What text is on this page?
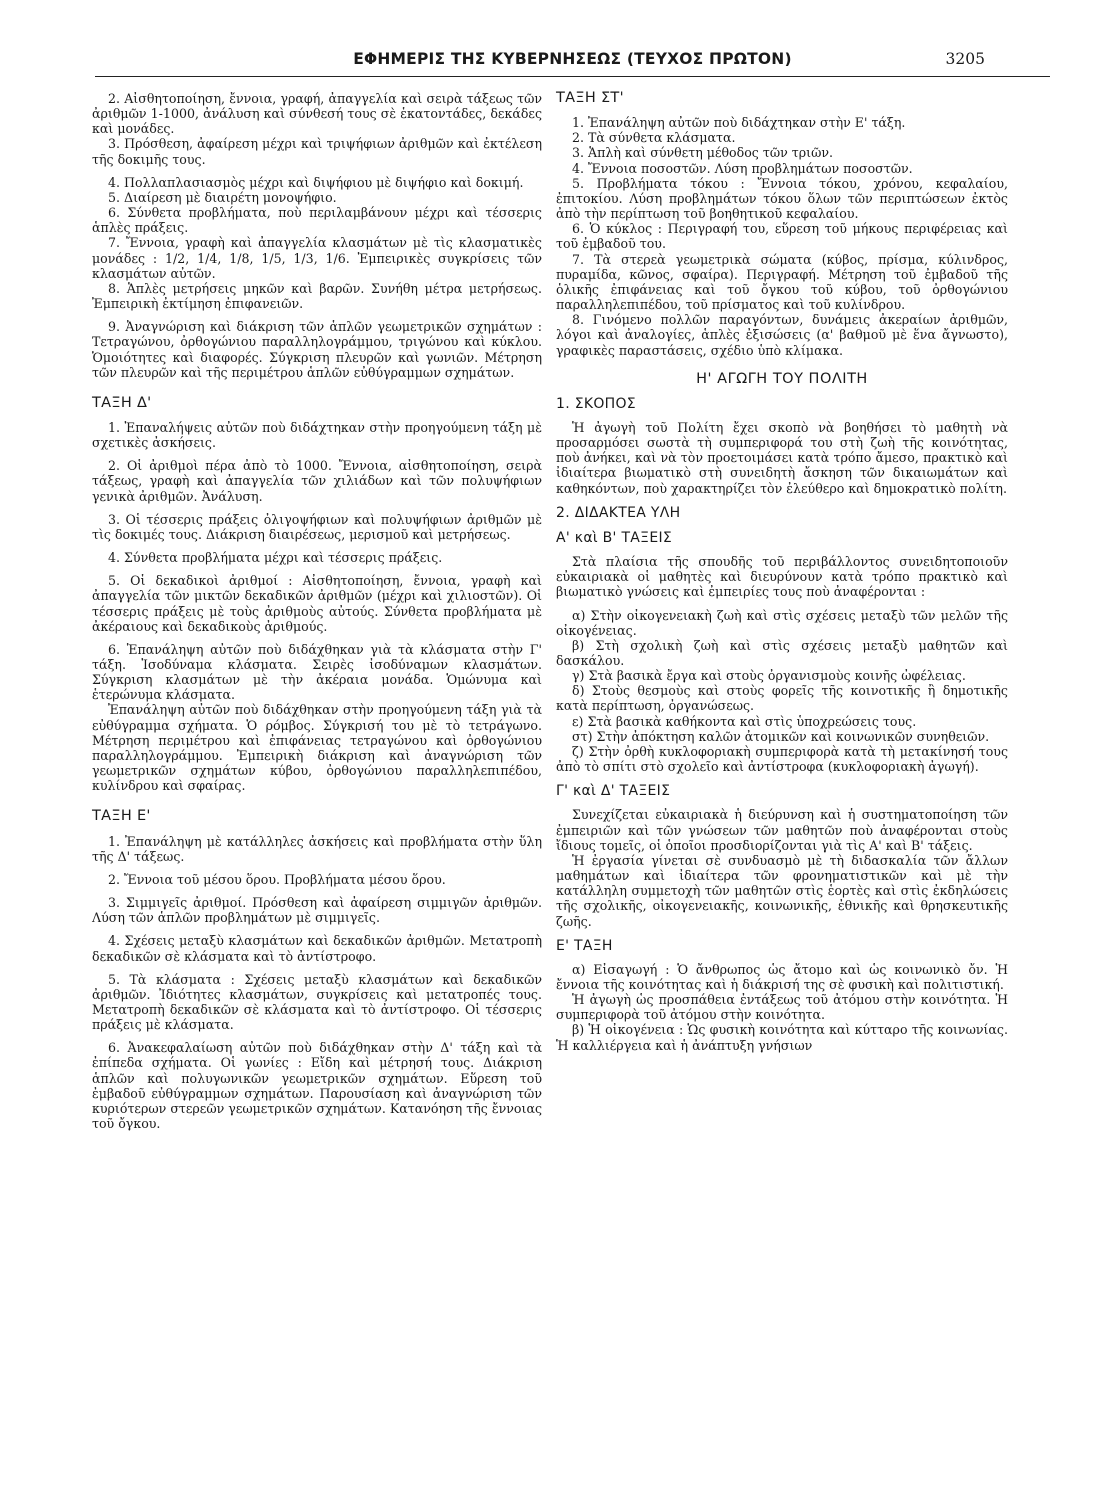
ΕΦΗΜΕΡΙΣ ΤΗΣ ΚΥΒΕΡΝΗΣΕΩΣ (ΤΕΥΧΟΣ ΠΡΩΤΟΝ)	3205

2. Αἰσθητοποίηση, ἔννοια, γραφή, ἀπαγγελία καὶ σειρὰ τάξεως τῶν ἀριθμῶν 1-1000, ἀνάλυση καὶ σύνθεσή τους σὲ ἑκατοντάδες, δεκάδες καὶ μονάδες.

3. Πρόσθεση, ἀφαίρεση μέχρι καὶ τριψήφιων ἀριθμῶν καὶ ἐκτέλεση τῆς δοκιμῆς τους.

4. Πολλαπλασιασμὸς μέχρι καὶ διψήφιου μὲ διψήφιο καὶ δοκιμή.

5. Διαίρεση μὲ διαιρέτη μονοψήφιο.

6. Σύνθετα προβλήματα, ποὺ περιλαμβάνουν μέχρι καὶ τέσσερις ἁπλὲς πράξεις.

7. Ἔννοια, γραφὴ καὶ ἀπαγγελία κλασμάτων μὲ τὶς κλασματικὲς μονάδες : 1/2, 1/4, 1/8, 1/5, 1/3, 1/6. Ἐμπειρικὲς συγκρίσεις τῶν κλασμάτων αὐτῶν.

8. Ἁπλὲς μετρήσεις μηκῶν καὶ βαρῶν. Συνήθη μέτρα μετρήσεως. Ἐμπειρικὴ ἐκτίμηση ἐπιφανειῶν.

9. Ἀναγνώριση καὶ διάκριση τῶν ἁπλῶν γεωμετρικῶν σχημάτων : Τετραγώνου, ὀρθογώνιου παραλληλογράμμου, τριγώνου καὶ κύκλου. Ὁμοιότητες καὶ διαφορές. Σύγκριση πλευρῶν καὶ γωνιῶν. Μέτρηση τῶν πλευρῶν καὶ τῆς περιμέτρου ἁπλῶν εὐθύγραμμων σχημάτων.

ΤΑΞΗ Δ'

1. Ἐπαναλήψεις αὐτῶν ποὺ διδάχτηκαν στὴν προηγούμενη τάξη μὲ σχετικὲς ἀσκήσεις.

2. Οἱ ἀριθμοὶ πέρα ἀπὸ τὸ 1000. Ἔννοια, αἰσθητοποίηση, σειρὰ τάξεως, γραφὴ καὶ ἀπαγγελία τῶν χιλιάδων καὶ τῶν πολυψήφιων γενικὰ ἀριθμῶν. Ἀνάλυση.

3. Οἱ τέσσερις πράξεις ὀλιγοψήφιων καὶ πολυψήφιων ἀριθμῶν μὲ τὶς δοκιμές τους. Διάκριση διαιρέσεως, μερισμοῦ καὶ μετρήσεως.

4. Σύνθετα προβλήματα μέχρι καὶ τέσσερις πράξεις.

5. Οἱ δεκαδικοὶ ἀριθμοί : Αἰσθητοποίηση, ἔννοια, γραφὴ καὶ ἀπαγγελία τῶν μικτῶν δεκαδικῶν ἀριθμῶν (μέχρι καὶ χιλιοστῶν). Οἱ τέσσερις πράξεις μὲ τοὺς ἀριθμοὺς αὐτούς. Σύνθετα προβλήματα μὲ ἀκέραιους καὶ δεκαδικοὺς ἀριθμούς.

6. Ἐπανάληψη αὐτῶν ποὺ διδάχθηκαν γιὰ τὰ κλάσματα στὴν Γ' τάξη. Ἰσοδύναμα κλάσματα. Σειρὲς ἰσοδύναμων κλασμάτων. Σύγκριση κλασμάτων μὲ τὴν ἀκέραια μονάδα. Ὁμώνυμα καὶ ἑτερώνυμα κλάσματα.

Ἐπανάληψη αὐτῶν ποὺ διδάχθηκαν στὴν προηγούμενη τάξη γιὰ τὰ εὐθύγραμμα σχήματα. Ὁ ρόμβος. Σύγκρισή του μὲ τὸ τετράγωνο. Μέτρηση περιμέτρου καὶ ἐπιφάνειας τετραγώνου καὶ ὀρθογώνιου παραλληλογράμμου. Ἐμπειρικὴ διάκριση καὶ ἀναγνώριση τῶν γεωμετρικῶν σχημάτων κύβου, ὀρθογώνιου παραλληλεπιπέδου, κυλίνδρου καὶ σφαίρας.

ΤΑΞΗ Ε'

1. Ἐπανάληψη μὲ κατάλληλες ἀσκήσεις καὶ προβλήματα στὴν ὕλη τῆς Δ' τάξεως.

2. Ἔννοια τοῦ μέσου ὅρου. Προβλήματα μέσου ὅρου.

3. Σιμμιγεῖς ἀριθμοί. Πρόσθεση καὶ ἀφαίρεση σιμμιγῶν ἀριθμῶν. Λύση τῶν ἁπλῶν προβλημάτων μὲ σιμμιγεῖς.

4. Σχέσεις μεταξὺ κλασμάτων καὶ δεκαδικῶν ἀριθμῶν. Μετατροπὴ δεκαδικῶν σὲ κλάσματα καὶ τὸ ἀντίστροφο.

5. Τὰ κλάσματα : Σχέσεις μεταξὺ κλασμάτων καὶ δεκαδικῶν ἀριθμῶν. Ἰδιότητες κλασμάτων, συγκρίσεις καὶ μετατροπές τους. Μετατροπὴ δεκαδικῶν σὲ κλάσματα καὶ τὸ ἀντίστροφο. Οἱ τέσσερις πράξεις μὲ κλάσματα.

6. Ἀνακεφαλαίωση αὐτῶν ποὺ διδάχθηκαν στὴν Δ' τάξη καὶ τὰ ἐπίπεδα σχήματα. Οἱ γωνίες : Εἴδη καὶ μέτρησή τους. Διάκριση ἁπλῶν καὶ πολυγωνικῶν γεωμετρικῶν σχημάτων. Εὕρεση τοῦ ἐμβαδοῦ εὐθύγραμμων σχημάτων. Παρουσίαση καὶ ἀναγνώριση τῶν κυριότερων στερεῶν γεωμετρικῶν σχημάτων. Κατανόηση τῆς ἔννοιας τοῦ ὄγκου.

ΤΑΞΗ ΣΤ'

1. Ἐπανάληψη αὐτῶν ποὺ διδάχτηκαν στὴν Ε' τάξη.

2. Τὰ σύνθετα κλάσματα.

3. Ἁπλὴ καὶ σύνθετη μέθοδος τῶν τριῶν.

4. Ἔννοια ποσοστῶν. Λύση προβλημάτων ποσοστῶν.

5. Προβλήματα τόκου : Ἔννοια τόκου, χρόνου, κεφαλαίου, ἐπιτοκίου. Λύση προβλημάτων τόκου ὅλων τῶν περιπτώσεων ἐκτὸς ἀπὸ τὴν περίπτωση τοῦ βοηθητικοῦ κεφαλαίου.

6. Ὁ κύκλος : Περιγραφή του, εὕρεση τοῦ μήκους περιφέρειας καὶ τοῦ ἐμβαδοῦ του.

7. Τὰ στερεὰ γεωμετρικὰ σώματα (κύβος, πρίσμα, κύλινδρος, πυραμίδα, κῶνος, σφαίρα). Περιγραφή. Μέτρηση τοῦ ἐμβαδοῦ τῆς ὁλικῆς ἐπιφάνειας καὶ τοῦ ὄγκου τοῦ κύβου, τοῦ ὀρθογώνιου παραλληλεπιπέδου, τοῦ πρίσματος καὶ τοῦ κυλίνδρου.

8. Γινόμενο πολλῶν παραγόντων, δυνάμεις ἀκεραίων ἀριθμῶν, λόγοι καὶ ἀναλογίες, ἁπλὲς ἐξισώσεις (α' βαθμοῦ μὲ ἕνα ἄγνωστο), γραφικὲς παραστάσεις, σχέδιο ὑπὸ κλίμακα.

Η' ΑΓΩΓΗ ΤΟΥ ΠΟΛΙΤΗ
1. ΣΚΟΠΟΣ

Ἡ ἀγωγὴ τοῦ Πολίτη ἔχει σκοπὸ νὰ βοηθήσει τὸ μαθητὴ νὰ προσαρμόσει σωστὰ τὴ συμπεριφορά του στὴ ζωὴ τῆς κοινότητας, ποὺ ἀνήκει, καὶ νὰ τὸν προετοιμάσει κατὰ τρόπο ἄμεσο, πρακτικὸ καὶ ἰδιαίτερα βιωματικὸ στὴ συνειδητὴ ἄσκηση τῶν δικαιωμάτων καὶ καθηκόντων, ποὺ χαρακτηρίζει τὸν ἐλεύθερο καὶ δημοκρατικὸ πολίτη.

2. ΔΙΔΑΚΤΕΑ ΥΛΗ
Α' καὶ Β' ΤΑΞΕΙΣ

Στὰ πλαίσια τῆς σπουδῆς τοῦ περιβάλλοντος συνειδητοποιοῦν εὐκαιριακὰ οἱ μαθητὲς καὶ διευρύνουν κατὰ τρόπο πρακτικὸ καὶ βιωματικὸ γνώσεις καὶ ἐμπειρίες τους ποὺ ἀναφέρονται :

α) Στὴν οἰκογενειακὴ ζωὴ καὶ στὶς σχέσεις μεταξὺ τῶν μελῶν τῆς οἰκογένειας.

β) Στὴ σχολικὴ ζωὴ καὶ στὶς σχέσεις μεταξὺ μαθητῶν καὶ δασκάλου.

γ) Στὰ βασικὰ ἔργα καὶ στοὺς ὀργανισμοὺς κοινῆς ὠφέλειας.

δ) Στοὺς θεσμοὺς καὶ στοὺς φορεῖς τῆς κοινοτικῆς ἢ δημοτικῆς κατὰ περίπτωση, ὀργανώσεως.

ε) Στὰ βασικὰ καθήκοντα καὶ στὶς ὑποχρεώσεις τους.

στ) Στὴν ἀπόκτηση καλῶν ἀτομικῶν καὶ κοινωνικῶν συνηθειῶν.

ζ) Στὴν ὀρθὴ κυκλοφοριακὴ συμπεριφορὰ κατὰ τὴ μετακίνησή τους ἀπὸ τὸ σπίτι στὸ σχολεῖο καὶ ἀντίστροφα (κυκλοφοριακὴ ἀγωγή).

Γ' καὶ Δ' ΤΑΞΕΙΣ

Συνεχίζεται εὐκαιριακὰ ἡ διεύρυνση καὶ ἡ συστηματοποίηση τῶν ἐμπειριῶν καὶ τῶν γνώσεων τῶν μαθητῶν ποὺ ἀναφέρονται στοὺς ἴδιους τομεῖς, οἱ ὁποῖοι προσδιορίζονται γιὰ τὶς Α' καὶ Β' τάξεις.

Ἡ ἐργασία γίνεται σὲ συνδυασμὸ μὲ τὴ διδασκαλία τῶν ἄλλων μαθημάτων καὶ ἰδιαίτερα τῶν φρονηματιστικῶν καὶ μὲ τὴν κατάλληλη συμμετοχὴ τῶν μαθητῶν στὶς ἑορτὲς καὶ στὶς ἐκδηλώσεις τῆς σχολικῆς, οἰκογενειακῆς, κοινωνικῆς, ἐθνικῆς καὶ θρησκευτικῆς ζωῆς.

Ε' ΤΑΞΗ

α) Εἰσαγωγή : Ὁ ἄνθρωπος ὡς ἄτομο καὶ ὡς κοινωνικὸ ὄν. Ἡ ἔννοια τῆς κοινότητας καὶ ἡ διάκρισή της σὲ φυσικὴ καὶ πολιτιστική.

Ἡ ἀγωγὴ ὡς προσπάθεια ἐντάξεως τοῦ ἀτόμου στὴν κοινότητα. Ἡ συμπεριφορὰ τοῦ ἀτόμου στὴν κοινότητα.

β) Ἡ οἰκογένεια : Ὡς φυσικὴ κοινότητα καὶ κύτταρο τῆς κοινωνίας. Ἡ καλλιέργεια καὶ ἡ ἀνάπτυξη γνήσιων
